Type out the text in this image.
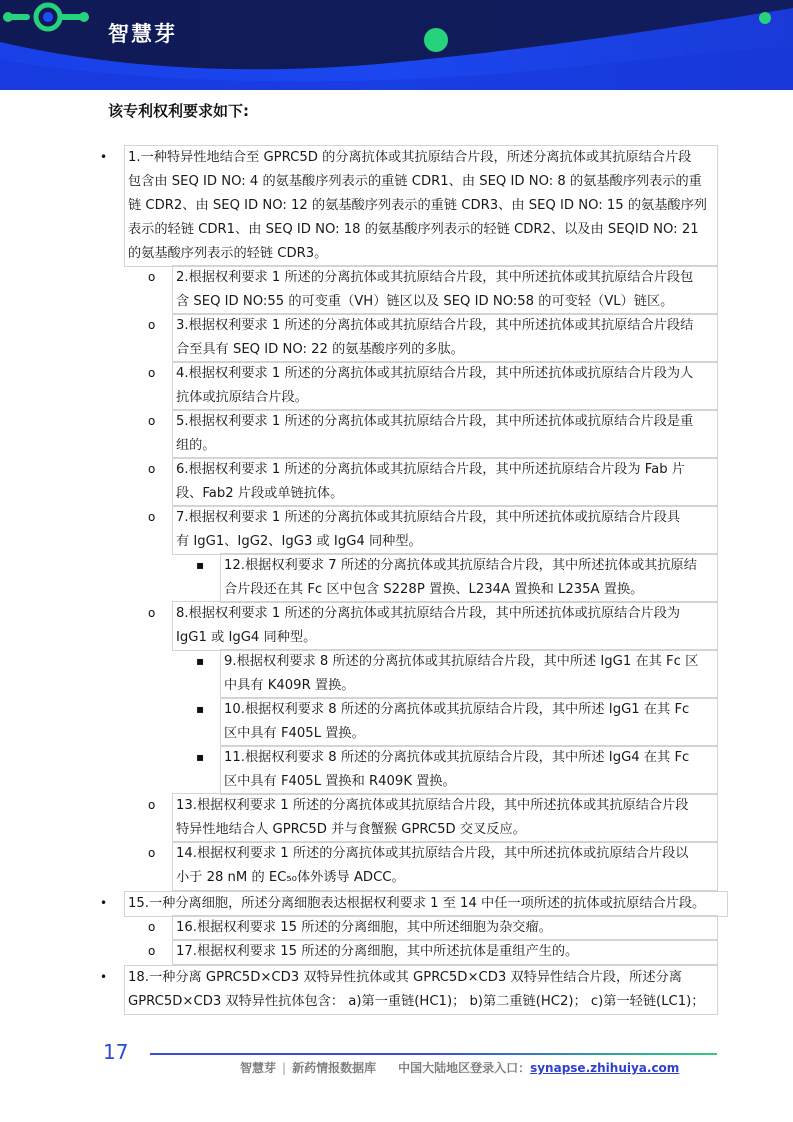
智慧芽
该专利权利要求如下:
• 1.一种特异性地结合至 GPRC5D 的分离抗体或其抗原结合片段，所述分离抗体或其抗原结合片段
包含由 SEQ ID NO: 4 的氨基酸序列表示的重链 CDR1、由 SEQ ID NO: 8 的氨基酸序列表示的重
链 CDR2、由 SEQ ID NO: 12 的氨基酸序列表示的重链 CDR3、由 SEQ ID NO: 15 的氨基酸序列
表示的轻链 CDR1、由 SEQ ID NO: 18 的氨基酸序列表示的轻链 CDR2、以及由 SEQID NO: 21
的氨基酸序列表示的轻链 CDR3。
o 2.根据权利要求 1 所述的分离抗体或其抗原结合片段，其中所述抗体或其抗原结合片段包
含 SEQ ID NO:55 的可变重（VH）链区以及 SEQ ID NO:58 的可变轻（VL）链区。
o 3.根据权利要求 1 所述的分离抗体或其抗原结合片段，其中所述抗体或其抗原结合片段结
合至具有 SEQ ID NO: 22 的氨基酸序列的多肽。
o 4.根据权利要求 1 所述的分离抗体或其抗原结合片段，其中所述抗体或抗原结合片段为人
抗体或抗原结合片段。
o 5.根据权利要求 1 所述的分离抗体或其抗原结合片段，其中所述抗体或抗原结合片段是重
组的。
o 6.根据权利要求 1 所述的分离抗体或其抗原结合片段，其中所述抗原结合片段为 Fab 片
段、Fab2 片段或单链抗体。
o 7.根据权利要求 1 所述的分离抗体或其抗原结合片段，其中所述抗体或抗原结合片段具
有 IgG1、IgG2、IgG3 或 IgG4 同种型。
▪ 12.根据权利要求 7 所述的分离抗体或其抗原结合片段，其中所述抗体或其抗原结
合片段还在其 Fc 区中包含 S228P 置换、L234A 置换和 L235A 置换。
o 8.根据权利要求 1 所述的分离抗体或其抗原结合片段，其中所述抗体或抗原结合片段为
IgG1 或 IgG4 同种型。
▪ 9.根据权利要求 8 所述的分离抗体或其抗原结合片段，其中所述 IgG1 在其 Fc 区
中具有 K409R 置换。
▪ 10.根据权利要求 8 所述的分离抗体或其抗原结合片段，其中所述 IgG1 在其 Fc
区中具有 F405L 置换。
▪ 11.根据权利要求 8 所述的分离抗体或其抗原结合片段，其中所述 IgG4 在其 Fc
区中具有 F405L 置换和 R409K 置换。
o 13.根据权利要求 1 所述的分离抗体或其抗原结合片段，其中所述抗体或其抗原结合片段
特异性地结合人 GPRC5D 并与食蟹猴 GPRC5D 交叉反应。
o 14.根据权利要求 1 所述的分离抗体或其抗原结合片段，其中所述抗体或抗原结合片段以
小于 28 nM 的 EC₅₀体外诱导 ADCC。
• 15.一种分离细胞，所述分离细胞表达根据权利要求 1 至 14 中任一项所述的抗体或抗原结合片段。
o 16.根据权利要求 15 所述的分离细胞，其中所述细胞为杂交瘤。
o 17.根据权利要求 15 所述的分离细胞，其中所述抗体是重组产生的。
• 18.一种分离 GPRC5D×CD3 双特异性抗体或其 GPRC5D×CD3 双特异性结合片段，所述分离
GPRC5D×CD3 双特异性抗体包含： a)第一重链(HC1)； b)第二重链(HC2)； c)第一轻链(LC1)；
17
智慧芽 | 新药情报数据库 中国大陆地区登录入口：synapse.zhihuiya.com
